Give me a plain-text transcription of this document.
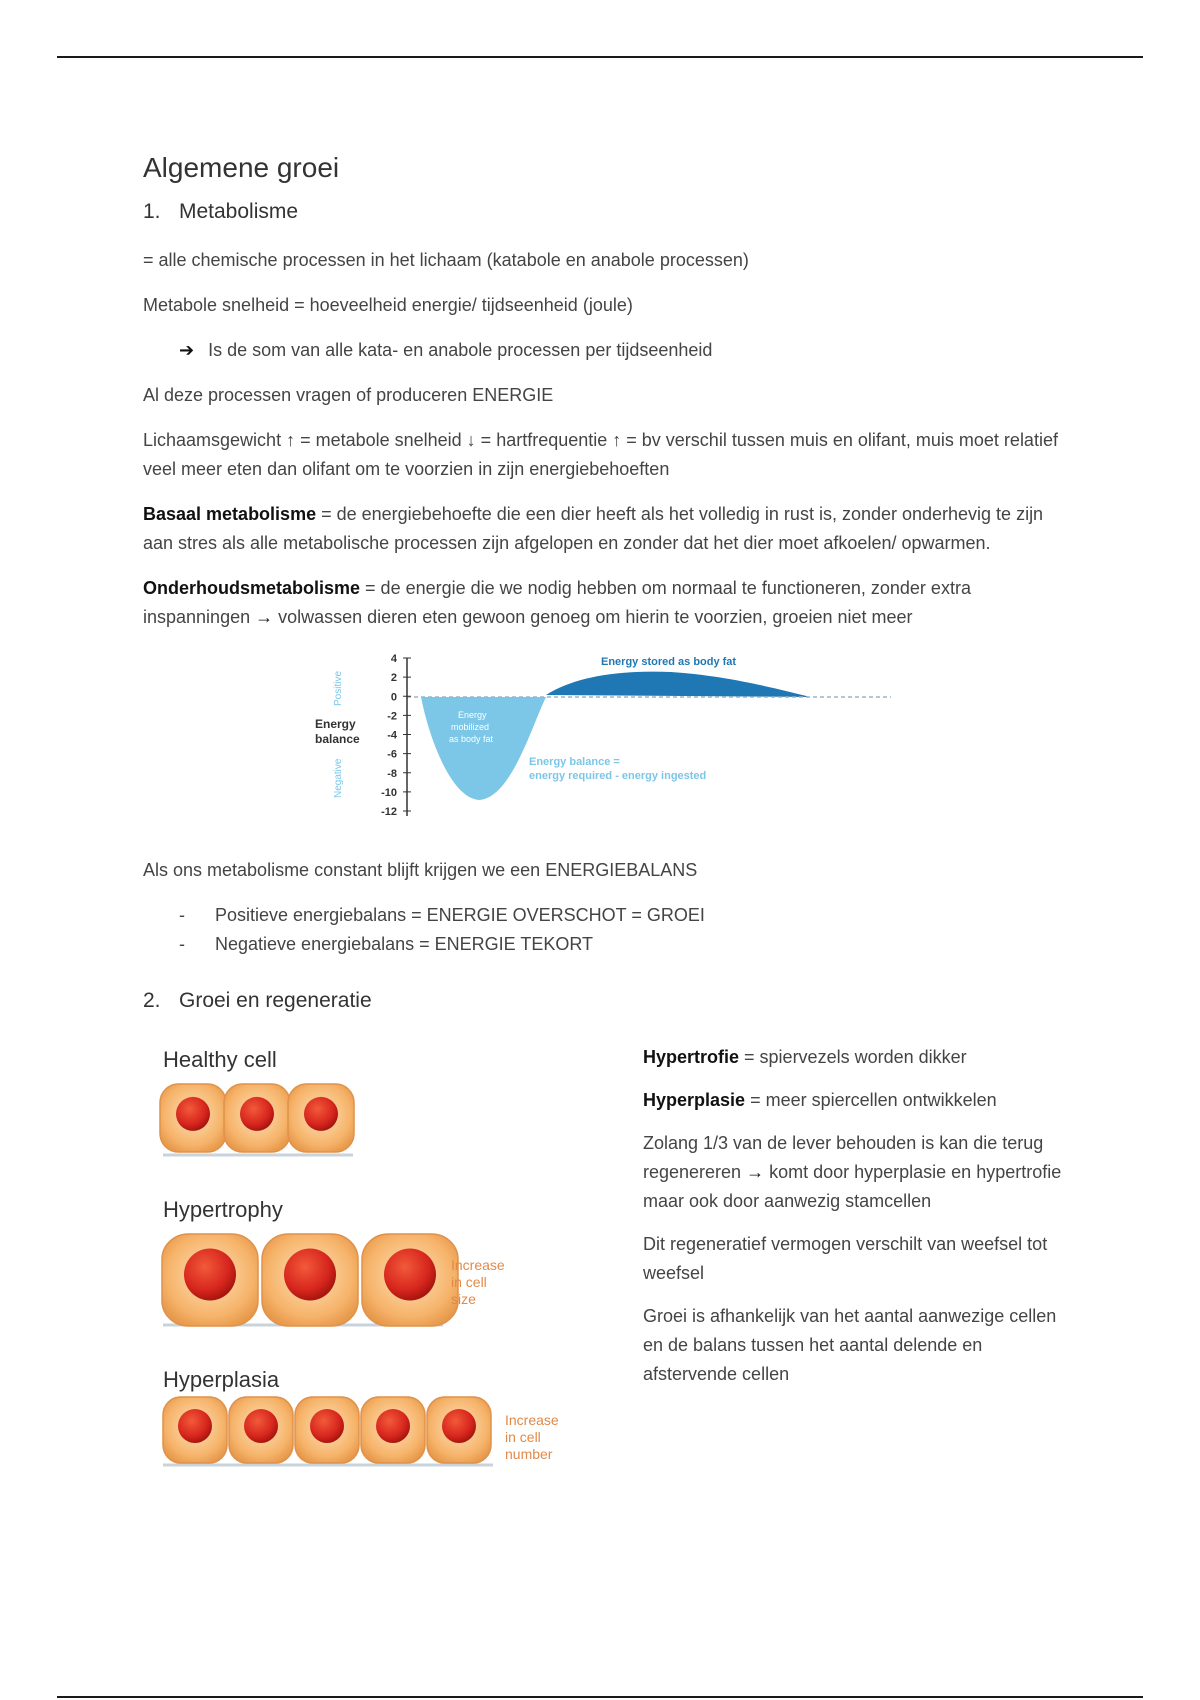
Algemene groei
1. Metabolisme

= alle chemische processen in het lichaam (katabole en anabole processen)

Metabole snelheid = hoeveelheid energie/ tijdseenheid (joule)

➔ Is de som van alle kata- en anabole processen per tijdseenheid

Al deze processen vragen of produceren ENERGIE

Lichaamsgewicht ↑ = metabole snelheid ↓ = hartfrequentie ↑ = bv verschil tussen muis en olifant, muis moet relatief veel meer eten dan olifant om te voorzien in zijn energiebehoeften

Basaal metabolisme = de energiebehoefte die een dier heeft als het volledig in rust is, zonder onderhevig te zijn aan stres als alle metabolische processen zijn afgelopen en zonder dat het dier moet afkoelen/ opwarmen.

Onderhoudsmetabolisme = de energie die we nodig hebben om normaal te functioneren, zonder extra inspanningen → volwassen dieren eten gewoon genoeg om hierin te voorzien, groeien niet meer

4
2
0
-2
-4
-6
-8
-10
-12
Positive
Negative
Energy
balance
Energy stored as body fat
Energy
mobilized
as body fat
Energy balance =
energy required - energy ingested

Als ons metabolisme constant blijft krijgen we een ENERGIEBALANS

- Positieve energiebalans = ENERGIE OVERSCHOT = GROEI
- Negatieve energiebalans = ENERGIE TEKORT
2. Groei en regeneratie
Healthy cell
Hypertrophy
Increase
in cell
size
Hyperplasia
Increase
in cell
number

Hypertrofie = spiervezels worden dikker

Hyperplasie = meer spiercellen ontwikkelen

Zolang 1/3 van de lever behouden is kan die terug regenereren → komt door hyperplasie en hypertrofie maar ook door aanwezig stamcellen

Dit regeneratief vermogen verschilt van weefsel tot weefsel

Groei is afhankelijk van het aantal aanwezige cellen en de balans tussen het aantal delende en afstervende cellen
